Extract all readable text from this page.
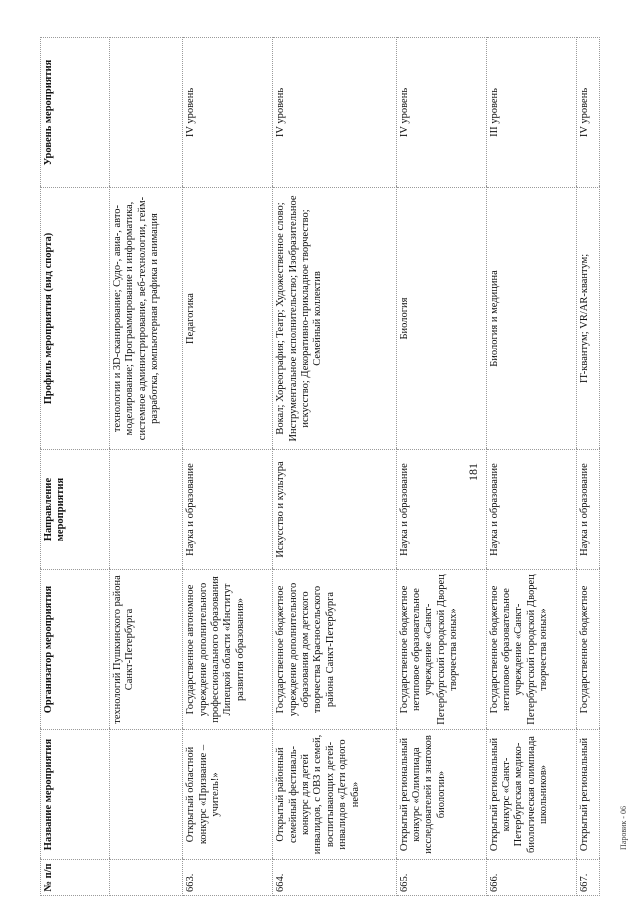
181
Паровик - 06
№ п/п	Название мероприятия	Организатор мероприятия	Направление мероприятия	Профиль мероприятия (вид спорта)	Уровень мероприятия
		технологий Пушкинского района Санкт-Петербурга		технологии и 3D-сканирование; Судо-, авиа-, авто-моделирование; Программирование и информатика, системное администрирование, веб-технологии, гейм-разработка, компьютерная графика и анимация	
663.	Открытый областной конкурс «Призвание – учитель!»	Государственное автономное учреждение дополнительного профессионального образования Липецкой области «Институт развития образования»	Наука и образование	Педагогика	IV уровень
664.	Открытый районный семейный фестиваль-конкурс для детей инвалидов, с ОВЗ и семей, воспитывающих детей-инвалидов «Дети одного неба»	Государственное бюджетное учреждение дополнительного образования дом детского творчества Красносельского района Санкт-Петербурга	Искусство и культура	Вокал; Хореография; Театр; Художественное слово; Инструментальное исполнительство; Изобразительное искусство; Декоративно-прикладное творчество; Семейный коллектив	IV уровень
665.	Открытый региональный конкурс «Олимпиада исследователей и знатоков биологии»	Государственное бюджетное нетиповое образовательное учреждение «Санкт-Петербургский городской Дворец творчества юных»	Наука и образование	Биология	IV уровень
666.	Открытый региональный конкурс «Санкт-Петербургская медико-биологическая олимпиада школьников»	Государственное бюджетное нетиповое образовательное учреждение «Санкт-Петербургский городской Дворец творчества юных»	Наука и образование	Биология и медицина	III уровень
667.	Открытый региональный	Государственное бюджетное	Наука и образование	IT-квантум; VR/AR-квантум;	IV уровень
